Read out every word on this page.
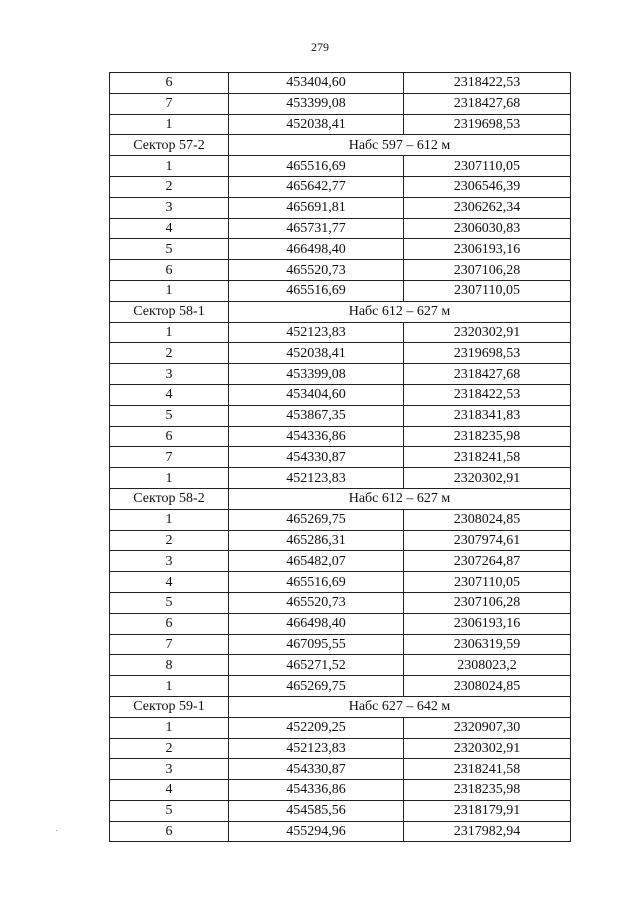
279
6	453404,60	2318422,53
7	453399,08	2318427,68
1	452038,41	2319698,53
Сектор 57-2	Набс 597 – 612 м	
1	465516,69	2307110,05
2	465642,77	2306546,39
3	465691,81	2306262,34
4	465731,77	2306030,83
5	466498,40	2306193,16
6	465520,73	2307106,28
1	465516,69	2307110,05
Сектор 58-1	Набс 612 – 627 м	
1	452123,83	2320302,91
2	452038,41	2319698,53
3	453399,08	2318427,68
4	453404,60	2318422,53
5	453867,35	2318341,83
6	454336,86	2318235,98
7	454330,87	2318241,58
1	452123,83	2320302,91
Сектор 58-2	Набс 612 – 627 м	
1	465269,75	2308024,85
2	465286,31	2307974,61
3	465482,07	2307264,87
4	465516,69	2307110,05
5	465520,73	2307106,28
6	466498,40	2306193,16
7	467095,55	2306319,59
8	465271,52	2308023,2
1	465269,75	2308024,85
Сектор 59-1	Набс 627 – 642 м	
1	452209,25	2320907,30
2	452123,83	2320302,91
3	454330,87	2318241,58
4	454336,86	2318235,98
5	454585,56	2318179,91
6	455294,96	2317982,94
